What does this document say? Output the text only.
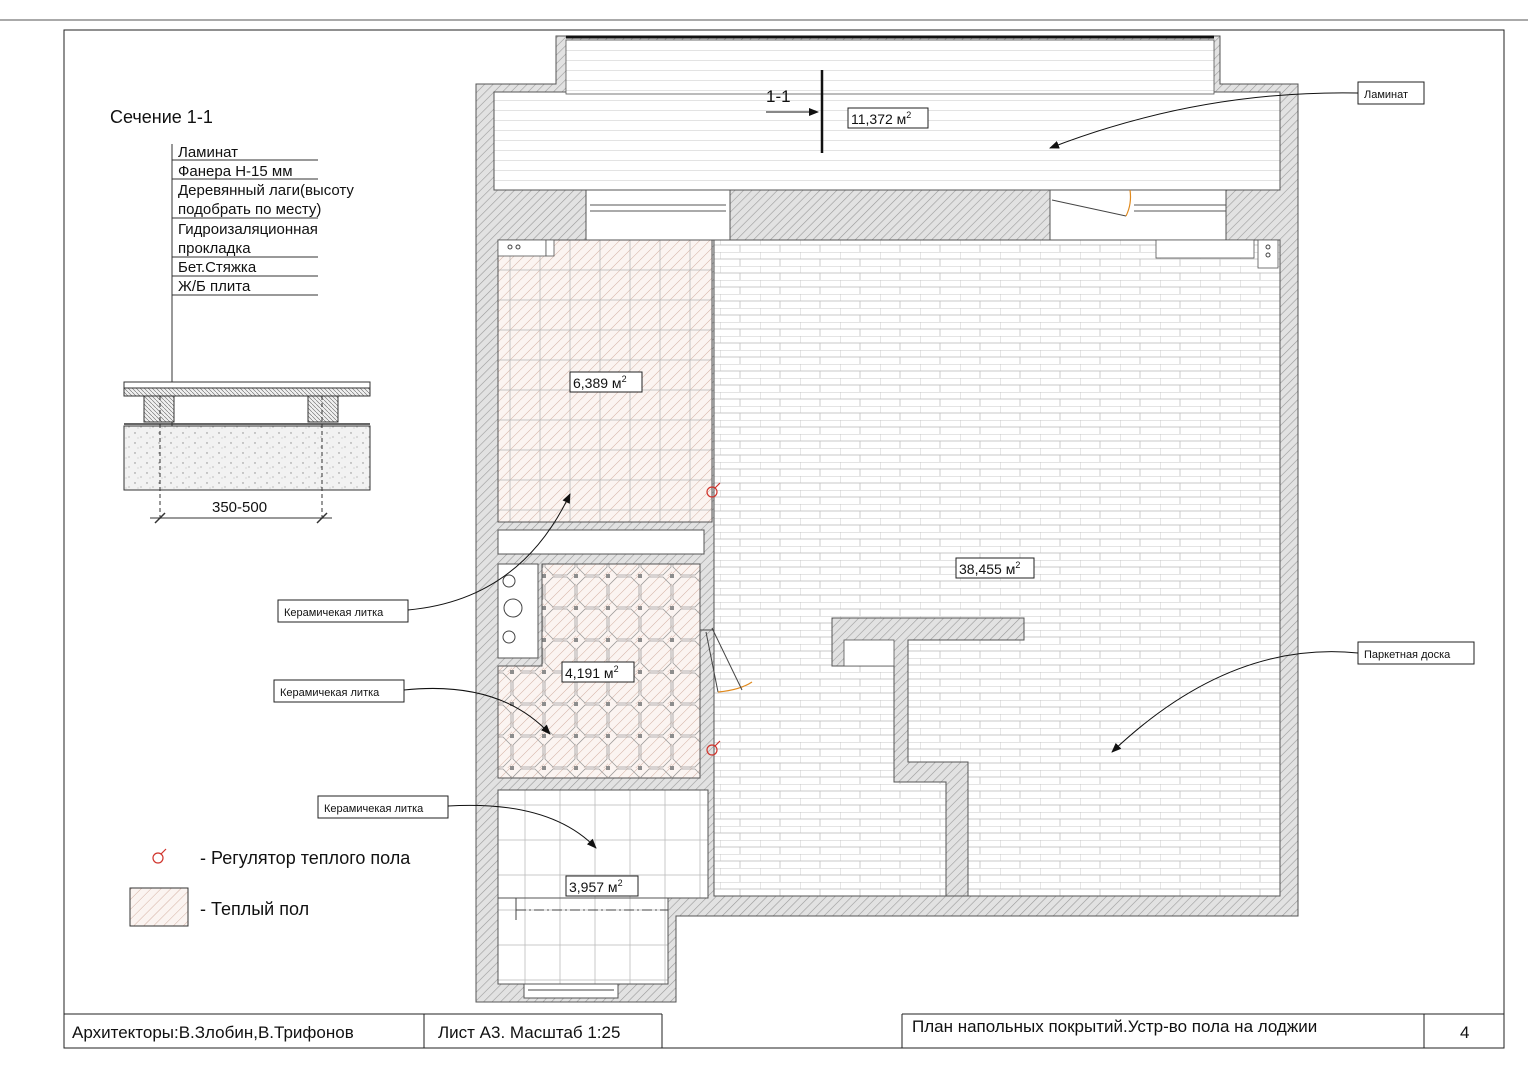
1-1
11,372 $м^2$
6,389 $м^2$
38,455 $м^2$
4,191 $м^2$
3,957 $м^2$
Ламинат
Паркетная доска
Керамичекая литка
Керамичекая литка
Керамичекая литка
Сечение 1-1
Ламинат
Фанера Н-15 мм
Деревянный лаги(высоту
подобрать по месту)
Гидроизаляционная
прокладка
Бет.Стяжка
Ж/Б плита
350-500
- Регулятор теплого пола
- Теплый пол
Архитекторы:В.Злобин,В.Трифонов	Лист А3. Масштаб 1:25	План напольных покрытий.Устр-во пола на лоджии	4
